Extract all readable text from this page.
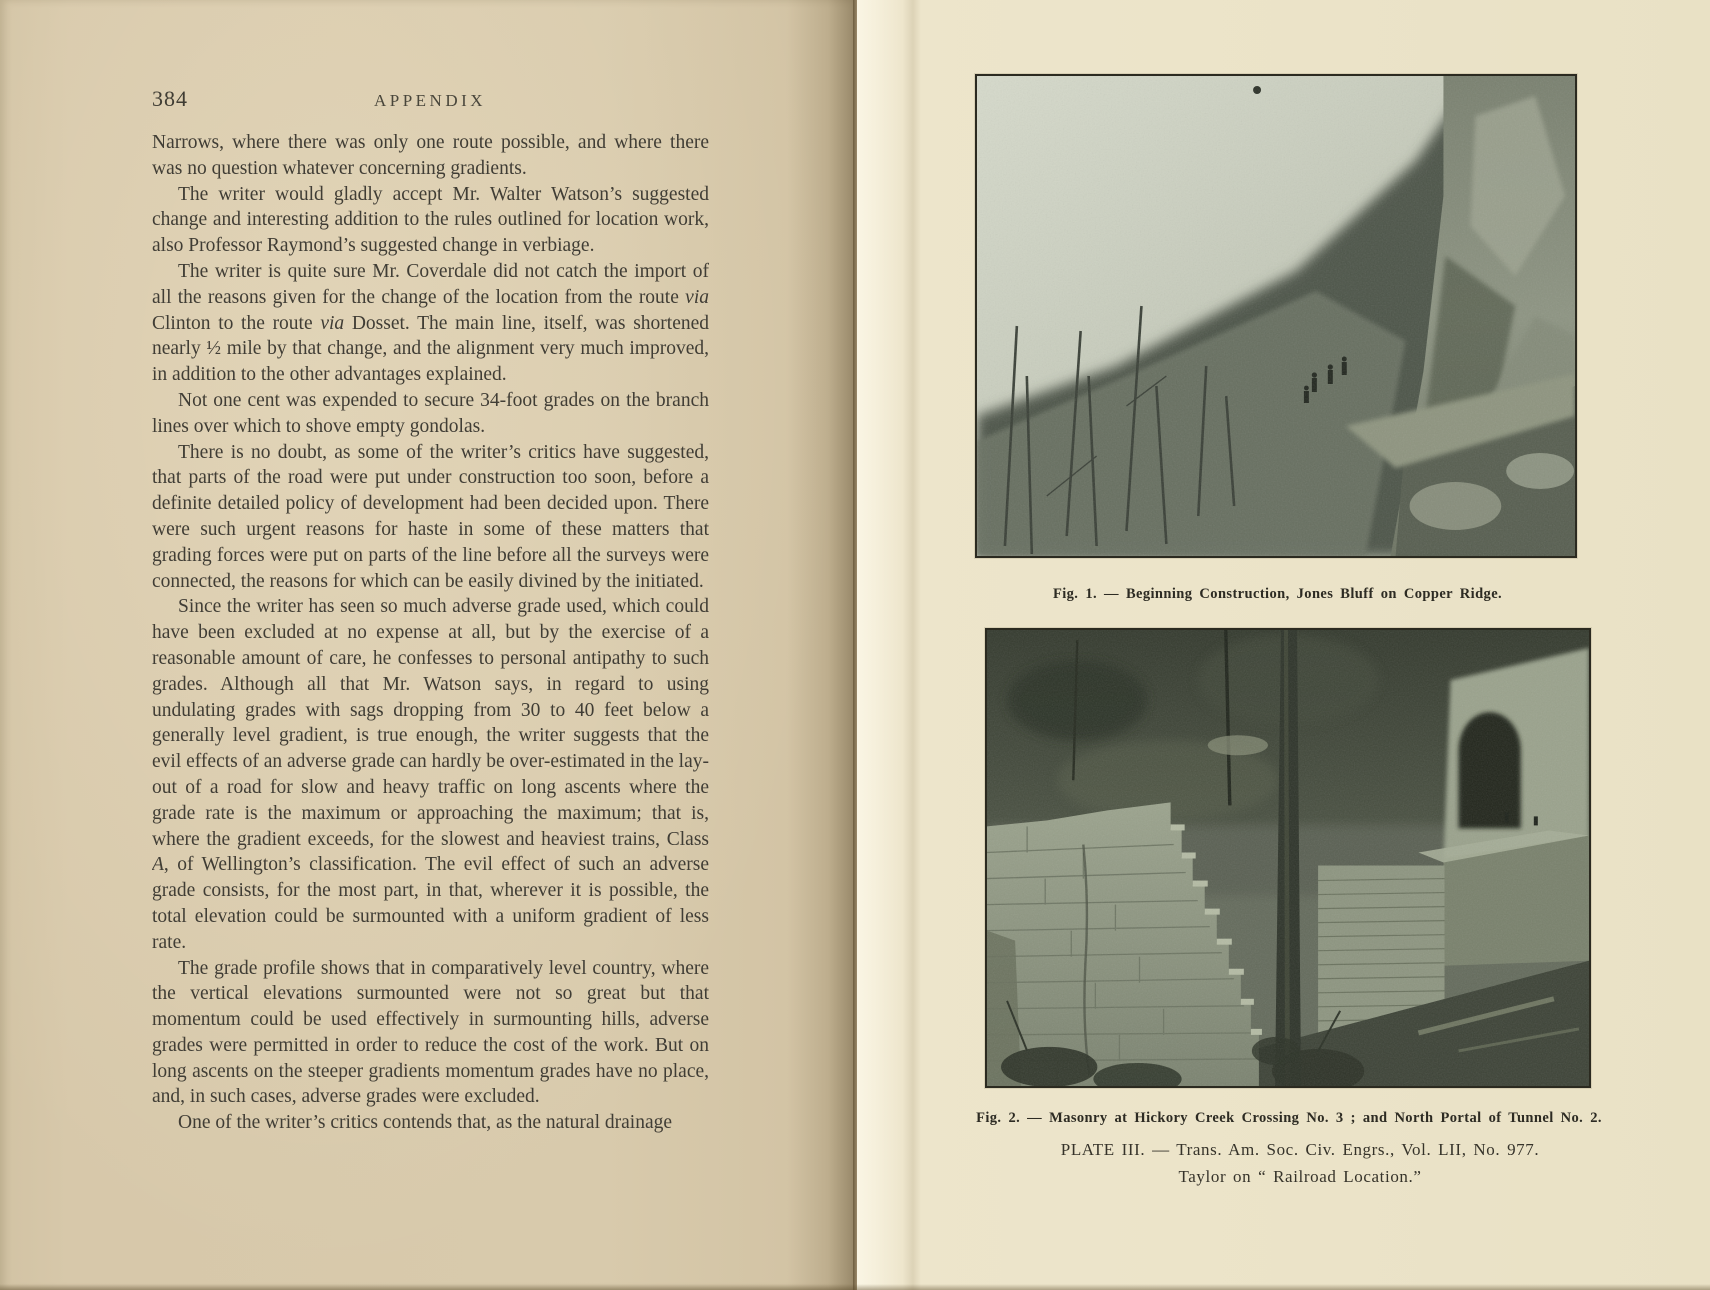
384	APPENDIX

Narrows, where there was only one route possible, and where there was no question whatever concerning gradients.

The writer would gladly accept Mr. Walter Watson’s suggested change and interesting addition to the rules outlined for location work, also Professor Raymond’s suggested change in verbiage.

The writer is quite sure Mr. Coverdale did not catch the import of all the reasons given for the change of the location from the route via Clinton to the route via Dosset. The main line, itself, was shortened nearly ½ mile by that change, and the alignment very much improved, in addition to the other advantages explained.

Not one cent was expended to secure 34-foot grades on the branch lines over which to shove empty gondolas.

There is no doubt, as some of the writer’s critics have suggested, that parts of the road were put under construction too soon, before a definite detailed policy of development had been decided upon. There were such urgent reasons for haste in some of these matters that grading forces were put on parts of the line before all the surveys were connected, the reasons for which can be easily divined by the initiated.

Since the writer has seen so much adverse grade used, which could have been excluded at no expense at all, but by the exercise of a reasonable amount of care, he confesses to personal antipathy to such grades. Although all that Mr. Watson says, in regard to using undulating grades with sags dropping from 30 to 40 feet below a generally level gradient, is true enough, the writer suggests that the evil effects of an adverse grade can hardly be over-estimated in the lay-out of a road for slow and heavy traffic on long ascents where the grade rate is the maximum or approaching the maximum; that is, where the gradient exceeds, for the slowest and heaviest trains, Class A, of Wellington’s classification. The evil effect of such an adverse grade consists, for the most part, in that, wherever it is possible, the total elevation could be surmounted with a uniform gradient of less rate.

The grade profile shows that in comparatively level country, where the vertical elevations surmounted were not so great but that momentum could be used effectively in surmounting hills, adverse grades were permitted in order to reduce the cost of the work. But on long ascents on the steeper gradients momentum grades have no place, and, in such cases, adverse grades were excluded.

One of the writer’s critics contends that, as the natural drainage

Fig. 1. — Beginning Construction, Jones Bluff on Copper Ridge.
Fig. 2. — Masonry at Hickory Creek Crossing No. 3 ; and North Portal of Tunnel No. 2.
PLATE III. — Trans. Am. Soc. Civ. Engrs., Vol. LII, No. 977.
Taylor on “ Railroad Location.”
